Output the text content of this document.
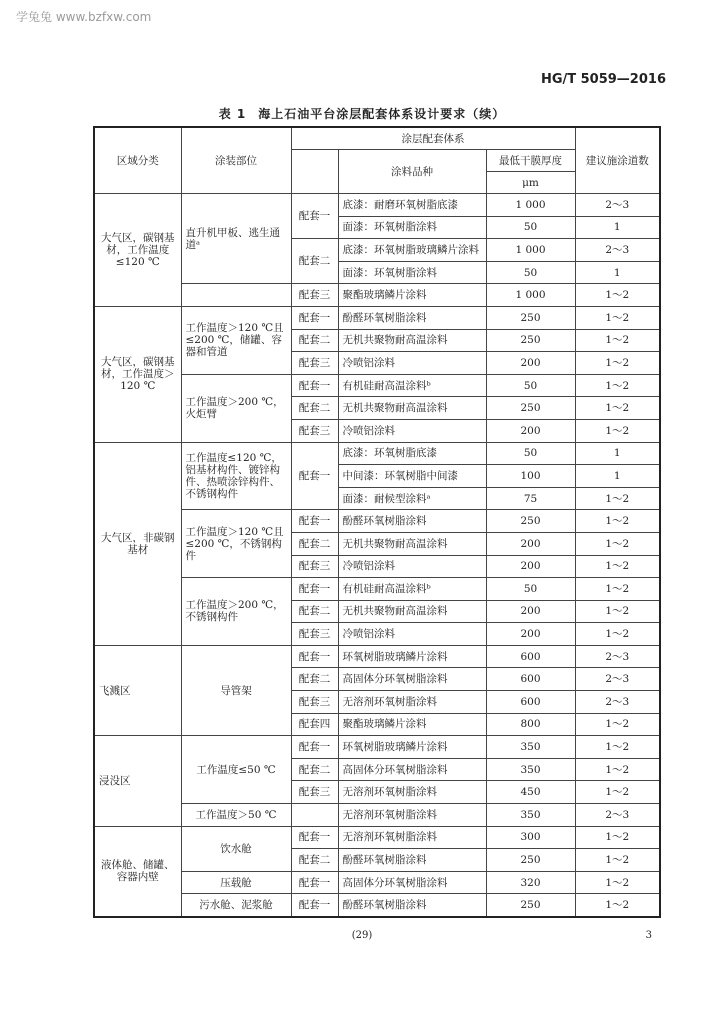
学兔兔 www.bzfxw.com
HG/T 5059—2016
表 1 海上石油平台涂层配套体系设计要求（续）
区域分类	涂装部位	涂层配套体系			建议施涂道数
			涂料品种	最低干膜厚度	
				μm	
大气区，碳钢基材，工作温度≤120 ℃	直升机甲板、逃生通道ᵃ	配套一	底漆：耐磨环氧树脂底漆	1 000	2～3
			面漆：环氧树脂涂料	50	1
		配套二	底漆：环氧树脂玻璃鳞片涂料	1 000	2～3
			面漆：环氧树脂涂料	50	1
		配套三	聚酯玻璃鳞片涂料	1 000	1～2
大气区，碳钢基材，工作温度＞120 ℃	工作温度＞120 ℃且≤200 ℃，储罐、容器和管道	配套一	酚醛环氧树脂涂料	250	1～2
		配套二	无机共聚物耐高温涂料	250	1～2
		配套三	冷喷铝涂料	200	1～2
	工作温度＞200 ℃，火炬臂	配套一	有机硅耐高温涂料ᵇ	50	1～2
		配套二	无机共聚物耐高温涂料	250	1～2
		配套三	冷喷铝涂料	200	1～2
大气区，非碳钢基材	工作温度≤120 ℃，铝基材构件、镀锌构件、热喷涂锌构件、不锈钢构件	配套一	底漆：环氧树脂底漆	50	1
			中间漆：环氧树脂中间漆	100	1
			面漆：耐候型涂料ᵃ	75	1～2
	工作温度＞120 ℃且≤200 ℃，不锈钢构件	配套一	酚醛环氧树脂涂料	250	1～2
		配套二	无机共聚物耐高温涂料	200	1～2
		配套三	冷喷铝涂料	200	1～2
	工作温度＞200 ℃，不锈钢构件	配套一	有机硅耐高温涂料ᵇ	50	1～2
		配套二	无机共聚物耐高温涂料	200	1～2
		配套三	冷喷铝涂料	200	1～2
飞溅区	导管架	配套一	环氧树脂玻璃鳞片涂料	600	2～3
		配套二	高固体分环氧树脂涂料	600	2～3
		配套三	无溶剂环氧树脂涂料	600	2～3
		配套四	聚酯玻璃鳞片涂料	800	1～2
浸没区	工作温度≤50 ℃	配套一	环氧树脂玻璃鳞片涂料	350	1～2
		配套二	高固体分环氧树脂涂料	350	1～2
		配套三	无溶剂环氧树脂涂料	450	1～2
	工作温度＞50 ℃		无溶剂环氧树脂涂料	350	2～3
液体舱、储罐、容器内壁	饮水舱	配套一	无溶剂环氧树脂涂料	300	1～2
		配套二	酚醛环氧树脂涂料	250	1～2
	压载舱	配套一	高固体分环氧树脂涂料	320	1～2
	污水舱、泥浆舱	配套一	酚醛环氧树脂涂料	250	1～2
(29)	3
